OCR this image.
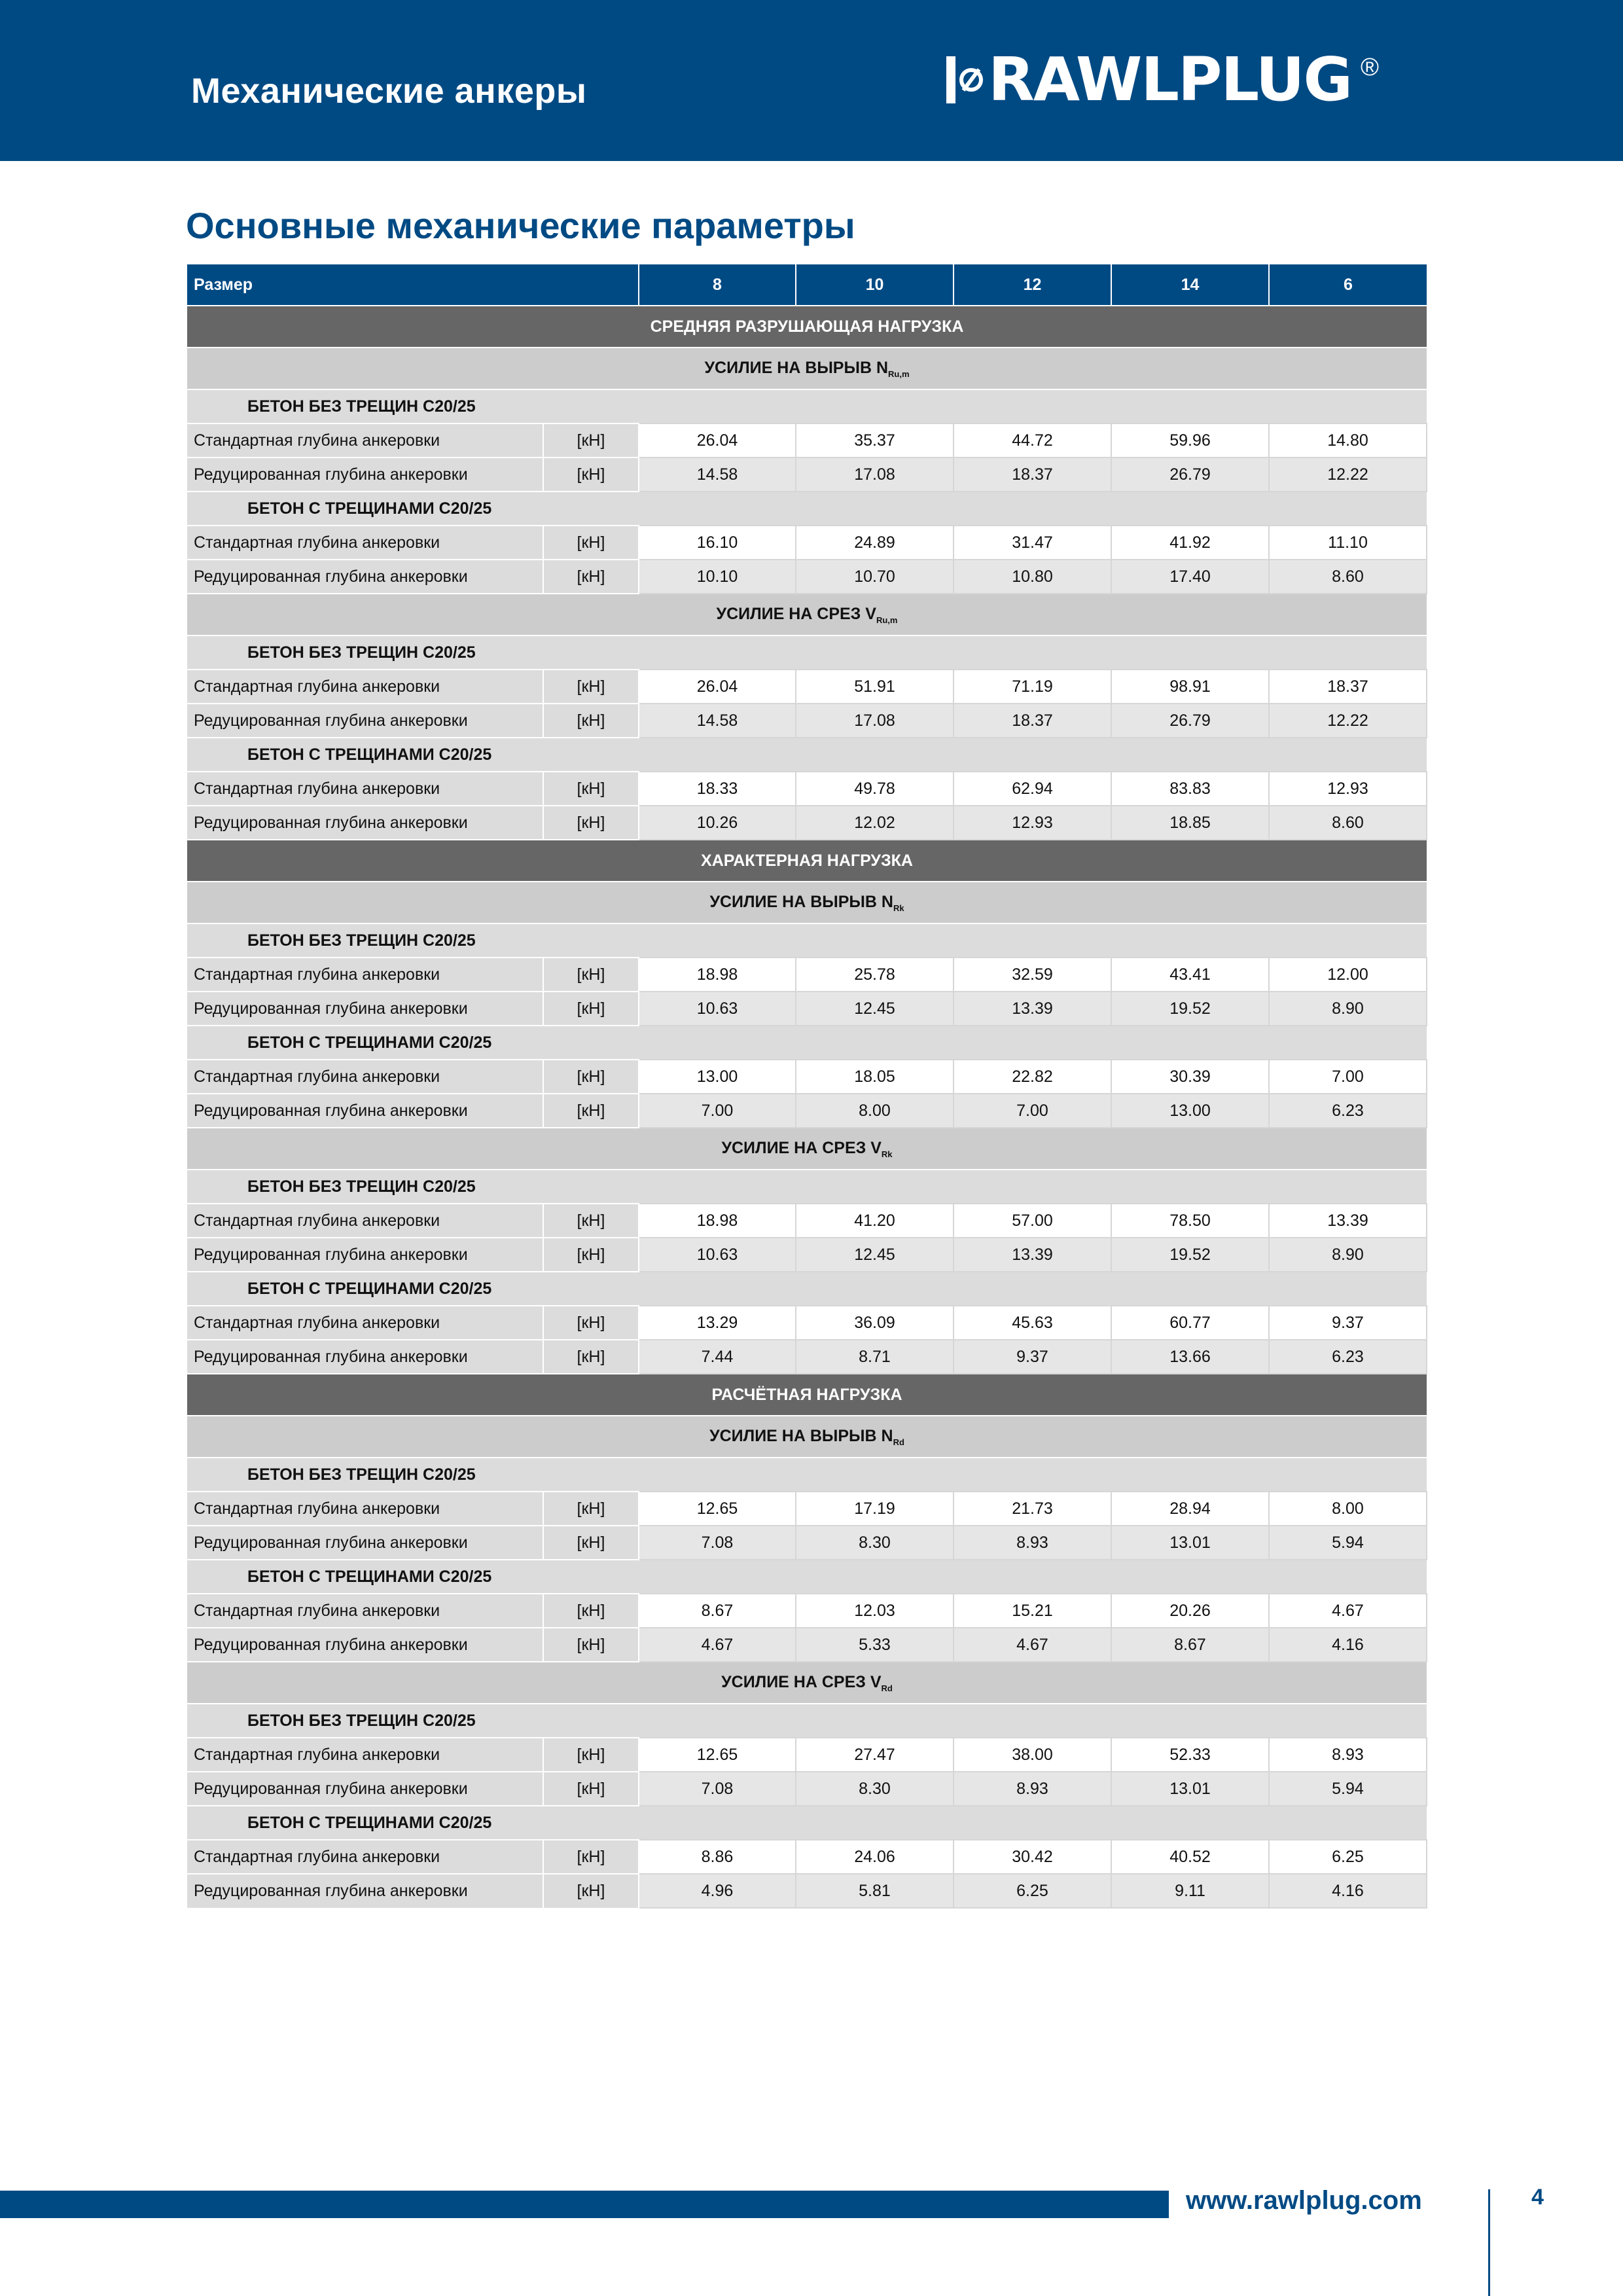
Механические анкеры	RAWLPLUG ®
Основные механические параметры
Размер		8	10	12	14	6
СРЕДНЯЯ РАЗРУШАЮЩАЯ НАГРУЗКА						
УСИЛИЕ НА ВЫРЫВ $N_{Ru,m}$
БЕТОН БЕЗ ТРЕЩИН C20/25						
Стандартная глубина анкеровки	[кН]	26.04	35.37	44.72	59.96	14.80
Редуцированная глубина анкеровки	[кН]	14.58	17.08	18.37	26.79	12.22
БЕТОН С ТРЕЩИНАМИ C20/25						
Стандартная глубина анкеровки	[кН]	16.10	24.89	31.47	41.92	11.10
Редуцированная глубина анкеровки	[кН]	10.10	10.70	10.80	17.40	8.60
УСИЛИЕ НА СРЕЗ $V_{Ru,m}$
БЕТОН БЕЗ ТРЕЩИН C20/25						
Стандартная глубина анкеровки	[кН]	26.04	51.91	71.19	98.91	18.37
Редуцированная глубина анкеровки	[кН]	14.58	17.08	18.37	26.79	12.22
БЕТОН С ТРЕЩИНАМИ C20/25						
Стандартная глубина анкеровки	[кН]	18.33	49.78	62.94	83.83	12.93
Редуцированная глубина анкеровки	[кН]	10.26	12.02	12.93	18.85	8.60
ХАРАКТЕРНАЯ НАГРУЗКА						
УСИЛИЕ НА ВЫРЫВ $N_{Rk}$
БЕТОН БЕЗ ТРЕЩИН C20/25						
Стандартная глубина анкеровки	[кН]	18.98	25.78	32.59	43.41	12.00
Редуцированная глубина анкеровки	[кН]	10.63	12.45	13.39	19.52	8.90
БЕТОН С ТРЕЩИНАМИ C20/25						
Стандартная глубина анкеровки	[кН]	13.00	18.05	22.82	30.39	7.00
Редуцированная глубина анкеровки	[кН]	7.00	8.00	7.00	13.00	6.23
УСИЛИЕ НА СРЕЗ $V_{Rk}$
БЕТОН БЕЗ ТРЕЩИН C20/25						
Стандартная глубина анкеровки	[кН]	18.98	41.20	57.00	78.50	13.39
Редуцированная глубина анкеровки	[кН]	10.63	12.45	13.39	19.52	8.90
БЕТОН С ТРЕЩИНАМИ C20/25						
Стандартная глубина анкеровки	[кН]	13.29	36.09	45.63	60.77	9.37
Редуцированная глубина анкеровки	[кН]	7.44	8.71	9.37	13.66	6.23
РАСЧЁТНАЯ НАГРУЗКА						
УСИЛИЕ НА ВЫРЫВ $N_{Rd}$
БЕТОН БЕЗ ТРЕЩИН C20/25						
Стандартная глубина анкеровки	[кН]	12.65	17.19	21.73	28.94	8.00
Редуцированная глубина анкеровки	[кН]	7.08	8.30	8.93	13.01	5.94
БЕТОН С ТРЕЩИНАМИ C20/25						
Стандартная глубина анкеровки	[кН]	8.67	12.03	15.21	20.26	4.67
Редуцированная глубина анкеровки	[кН]	4.67	5.33	4.67	8.67	4.16
УСИЛИЕ НА СРЕЗ $V_{Rd}$
БЕТОН БЕЗ ТРЕЩИН C20/25						
Стандартная глубина анкеровки	[кН]	12.65	27.47	38.00	52.33	8.93
Редуцированная глубина анкеровки	[кН]	7.08	8.30	8.93	13.01	5.94
БЕТОН С ТРЕЩИНАМИ C20/25						
Стандартная глубина анкеровки	[кН]	8.86	24.06	30.42	40.52	6.25
Редуцированная глубина анкеровки	[кН]	4.96	5.81	6.25	9.11	4.16
www.rawlplug.com	4
